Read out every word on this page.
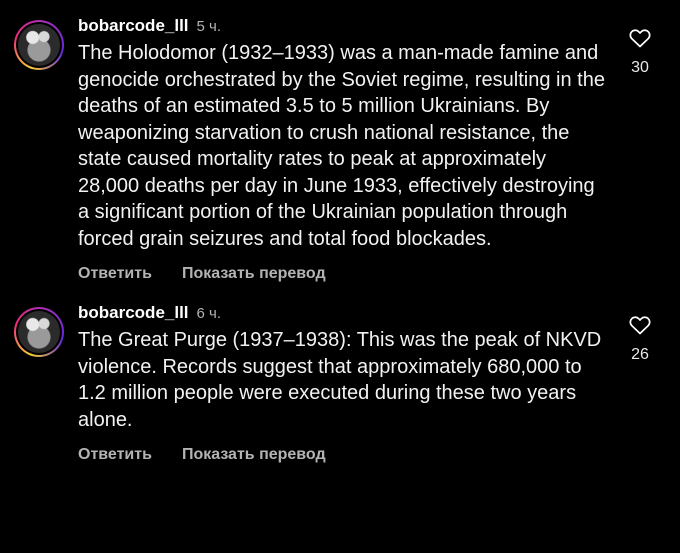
bobarcode_lll 5 ч.

The Holodomor (1932–1933) was a man-made famine and genocide orchestrated by the Soviet regime, resulting in the deaths of an estimated 3.5 to 5 million Ukrainians. By weaponizing starvation to crush national resistance, the state caused mortality rates to peak at approximately 28,000 deaths per day in June 1933, effectively destroying a significant portion of the Ukrainian population through forced grain seizures and total food blockades.

Ответить Показать перевод
30
bobarcode_lll 6 ч.

The Great Purge (1937–1938): This was the peak of NKVD violence. Records suggest that approximately 680,000 to 1.2 million people were executed during these two years alone.

Ответить Показать перевод
26
